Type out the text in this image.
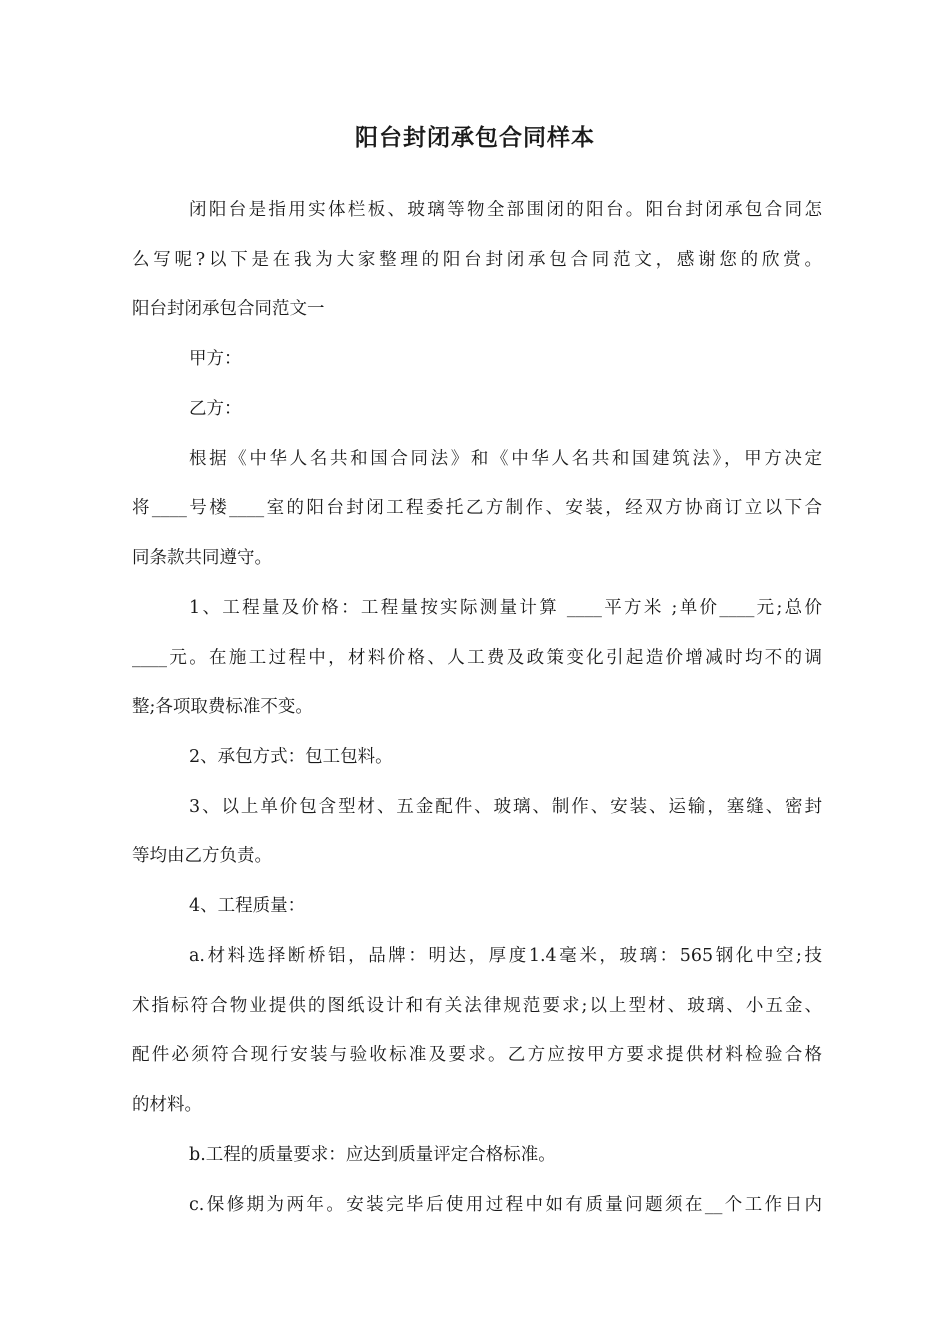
阳台封闭承包合同样本

闭阳台是指用实体栏板、玻璃等物全部围闭的阳台。阳台封闭承包合同怎

么写呢?以下是在我为大家整理的阳台封闭承包合同范文，感谢您的欣赏。

阳台封闭承包合同范文一

甲方：

乙方：

根据《中华人名共和国合同法》和《中华人名共和国建筑法》，甲方决定

将____号楼____室的阳台封闭工程委托乙方制作、安装，经双方协商订立以下合

同条款共同遵守。

1、工程量及价格：工程量按实际测量计算 ____平方米 ;单价____元;总价

____元。在施工过程中，材料价格、人工费及政策变化引起造价增减时均不的调

整;各项取费标准不变。

2、承包方式：包工包料。

3、以上单价包含型材、五金配件、玻璃、制作、安装、运输，塞缝、密封

等均由乙方负责。

4、工程质量：

a.材料选择断桥铝，品牌：明达，厚度1.4毫米，玻璃：565钢化中空;技

术指标符合物业提供的图纸设计和有关法律规范要求;以上型材、玻璃、小五金、

配件必须符合现行安装与验收标准及要求。乙方应按甲方要求提供材料检验合格

的材料。

b.工程的质量要求：应达到质量评定合格标准。

c.保修期为两年。安装完毕后使用过程中如有质量问题须在__个工作日内
